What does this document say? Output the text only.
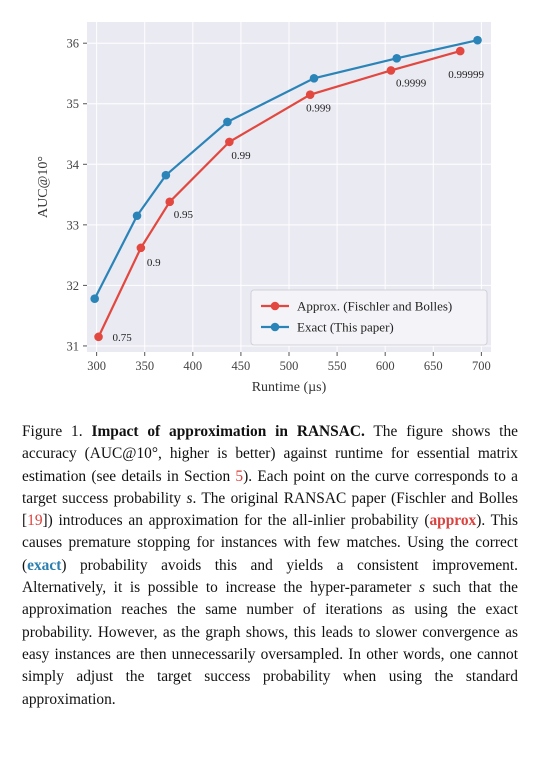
300 350 400 450 500 550 600 650 700
31
32
33
34
35
36
Runtime (µs)
AUC@10°
0.75
0.9
0.95
0.99
0.999
0.9999
0.99999
Approx. (Fischler and Bolles)
Exact (This paper)
Figure 1. Impact of approximation in RANSAC. The figure shows the accuracy (AUC@10°, higher is better) against runtime for essential matrix estimation (see details in Section 5). Each point on the curve corresponds to a target success probability s. The original RANSAC paper (Fischler and Bolles [19]) introduces an approximation for the all-inlier probability (approx). This causes premature stopping for instances with few matches. Using the correct (exact) probability avoids this and yields a consistent improvement. Alternatively, it is possible to increase the hyper-parameter s such that the approximation reaches the same number of iterations as using the exact probability. However, as the graph shows, this leads to slower convergence as easy instances are then unnecessarily oversampled. In other words, one cannot simply adjust the target success probability when using the standard approximation.
